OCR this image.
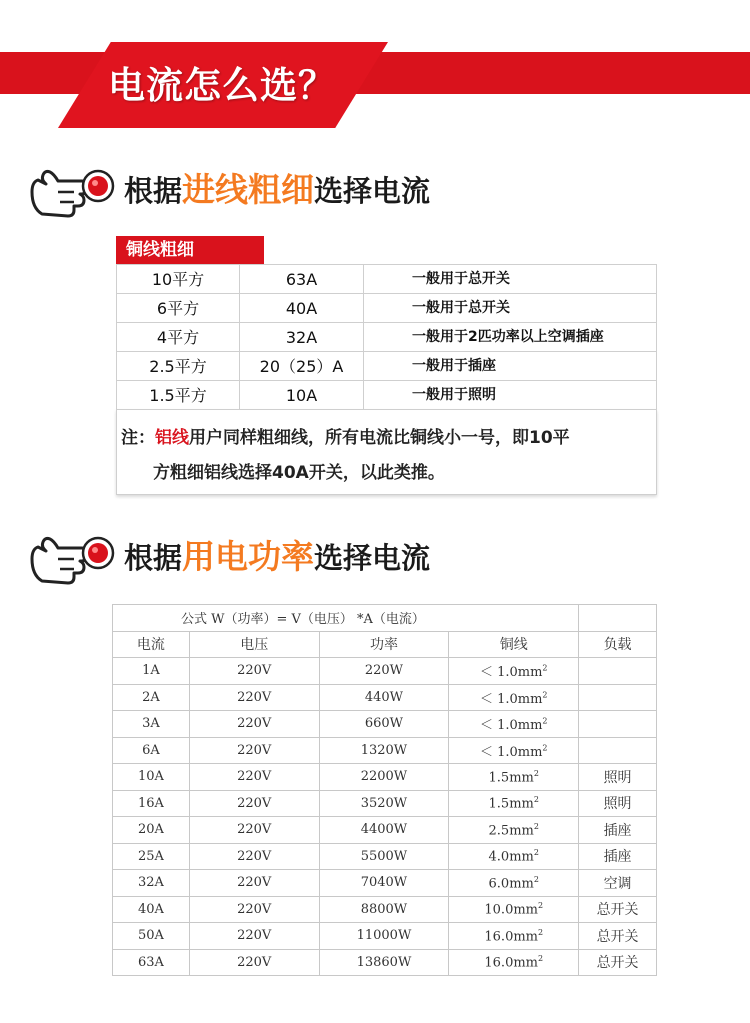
电流怎么选？
根据进线粗细选择电流
铜线粗细
10平方	63A	一般用于总开关
6平方	40A	一般用于总开关
4平方	32A	一般用于2匹功率以上空调插座
2.5平方	20（25）A	一般用于插座
1.5平方	10A	一般用于照明
注：铝线用户同样粗细线，所有电流比铜线小一号，即10平
方粗细铝线选择40A开关，以此类推。
根据用电功率选择电流
公式 W（功率）= V（电压） *A（电流）				
电流	电压	功率	铜线	负载
1A	220V	220W	＜ $1.0mm^2$	
2A	220V	440W	＜ $1.0mm^2$	
3A	220V	660W	＜ $1.0mm^2$	
6A	220V	1320W	＜ $1.0mm^2$	
10A	220V	2200W	$1.5mm^2$	照明
16A	220V	3520W	$1.5mm^2$	照明
20A	220V	4400W	$2.5mm^2$	插座
25A	220V	5500W	$4.0mm^2$	插座
32A	220V	7040W	$6.0mm^2$	空调
40A	220V	8800W	$10.0mm^2$	总开关
50A	220V	11000W	$16.0mm^2$	总开关
63A	220V	13860W	$16.0mm^2$	总开关
